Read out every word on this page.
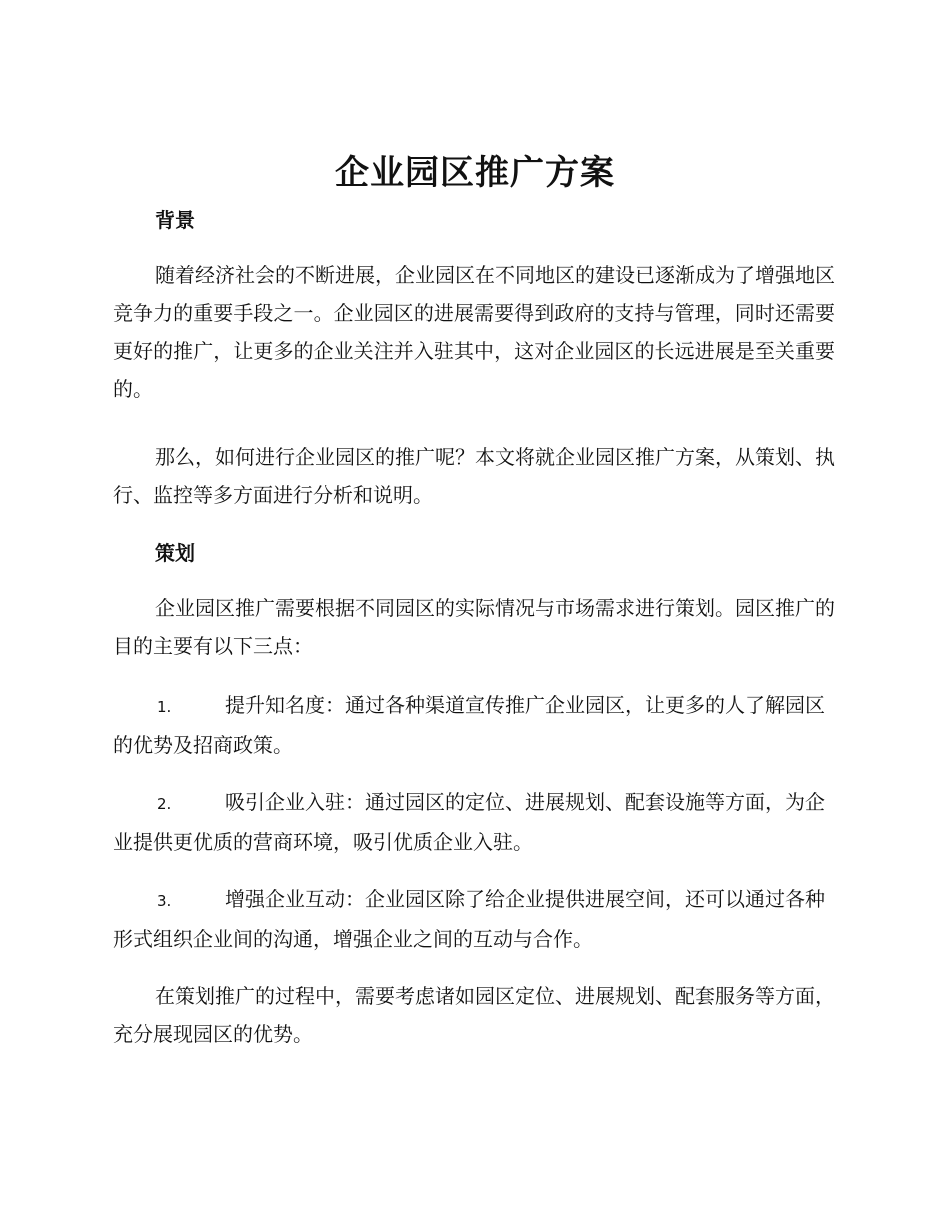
企业园区推广方案
背景

随着经济社会的不断进展，企业园区在不同地区的建设已逐渐成为了增强地区竞争力的重要手段之一。企业园区的进展需要得到政府的支持与管理，同时还需要更好的推广，让更多的企业关注并入驻其中，这对企业园区的长远进展是至关重要的。

那么，如何进行企业园区的推广呢？本文将就企业园区推广方案，从策划、执行、监控等多方面进行分析和说明。

策划

企业园区推广需要根据不同园区的实际情况与市场需求进行策划。园区推广的目的主要有以下三点：

1.	提升知名度：通过各种渠道宣传推广企业园区，让更多的人了解园区的优势及招商政策。

2.	吸引企业入驻：通过园区的定位、进展规划、配套设施等方面，为企业提供更优质的营商环境，吸引优质企业入驻。

3.	增强企业互动：企业园区除了给企业提供进展空间，还可以通过各种形式组织企业间的沟通，增强企业之间的互动与合作。

在策划推广的过程中，需要考虑诸如园区定位、进展规划、配套服务等方面，充分展现园区的优势。
